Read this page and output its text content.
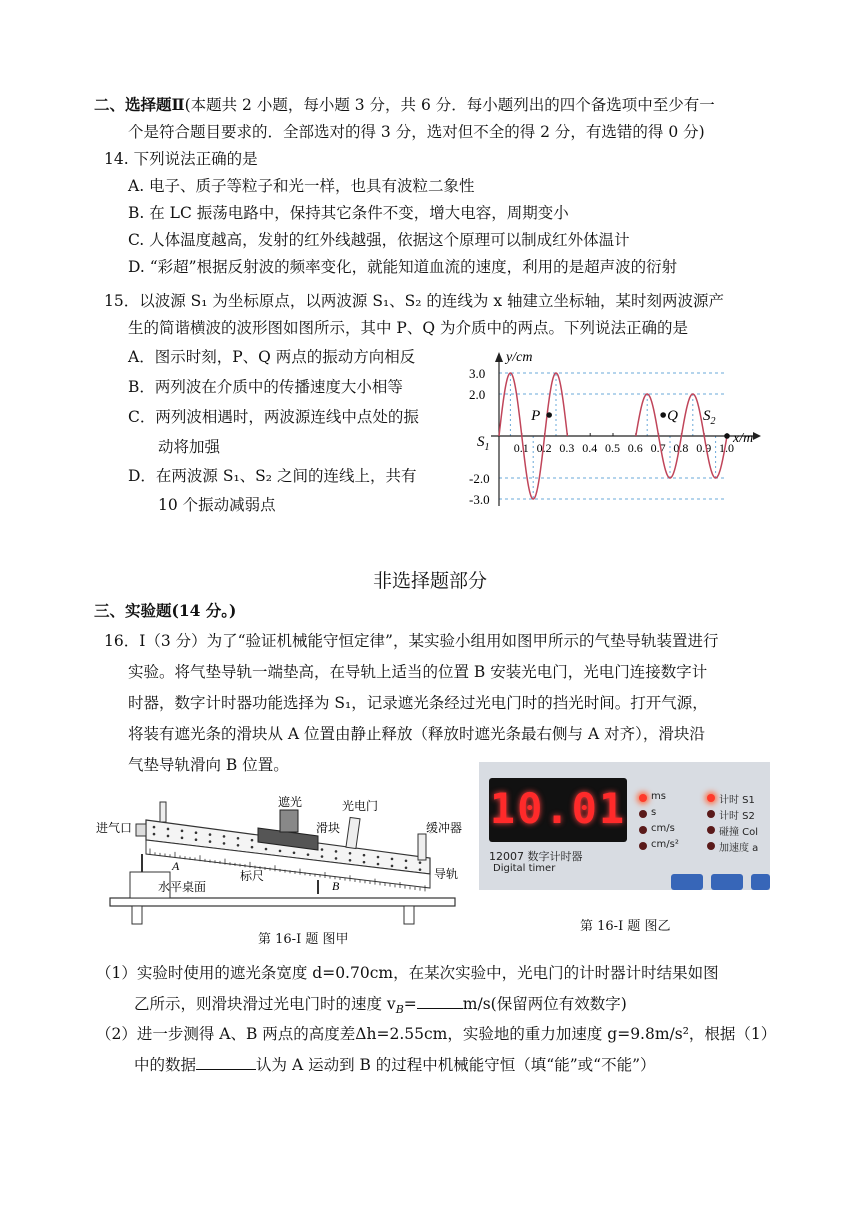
二、选择题Ⅱ(本题共 2 小题，每小题 3 分，共 6 分．每小题列出的四个备选项中至少有一
个是符合题目要求的．全部选对的得 3 分，选对但不全的得 2 分，有选错的得 0 分)
14. 下列说法正确的是
A. 电子、质子等粒子和光一样，也具有波粒二象性
B. 在 LC 振荡电路中，保持其它条件不变，增大电容，周期变小
C. 人体温度越高，发射的红外线越强，依据这个原理可以制成红外体温计
D. “彩超”根据反射波的频率变化，就能知道血流的速度，利用的是超声波的衍射
15．以波源 S₁ 为坐标原点，以两波源 S₁、S₂ 的连线为 x 轴建立坐标轴，某时刻两波源产
生的简谐横波的波形图如图所示，其中 P、Q 为介质中的两点。下列说法正确的是
A．图示时刻，P、Q 两点的振动方向相反
B．两列波在介质中的传播速度大小相等
C．两列波相遇时，两波源连线中点处的振
动将加强
D．在两波源 S₁、S₂ 之间的连线上，共有
10 个振动减弱点
y/cm
x/m
$S_1$
$S_2$
3.0
2.0
-2.0
-3.0
0.1 0.2 0.3 0.4 0.5 0.6 0.7 0.8 0.9 1.0
P	Q
非选择题部分
三、实验题(14 分。)
16．Ⅰ（3 分）为了“验证机械能守恒定律”，某实验小组用如图甲所示的气垫导轨装置进行
实验。将气垫导轨一端垫高，在导轨上适当的位置 B 安装光电门，光电门连接数字计
时器，数字计时器功能选择为 S₁，记录遮光条经过光电门时的挡光时间。打开气源，
将装有遮光条的滑块从 A 位置由静止释放（释放时遮光条最右侧与 A 对齐），滑块沿
气垫导轨滑向 B 位置。
进气口
遮光	光电门
滑块	缓冲器
A
水平桌面
标尺
B
导轨
第 16-I 题 图甲
10.01
12007 数字计时器
Digital timer
ms
s
cm/s
cm/s²
计时 S1
计时 S2
碰撞 Col
加速度 a
第 16-I 题 图乙
（1）实验时使用的遮光条宽度 d=0.70cm，在某次实验中，光电门的计时器计时结果如图
乙所示，则滑块滑过光电门时的速度 $v_B=$	m/s(保留两位有效数字)
（2）进一步测得 A、B 两点的高度差Δh=2.55cm，实验地的重力加速度 g=9.8m/s²，根据（1）
中的数据	认为 A 运动到 B 的过程中机械能守恒（填“能”或“不能”）
